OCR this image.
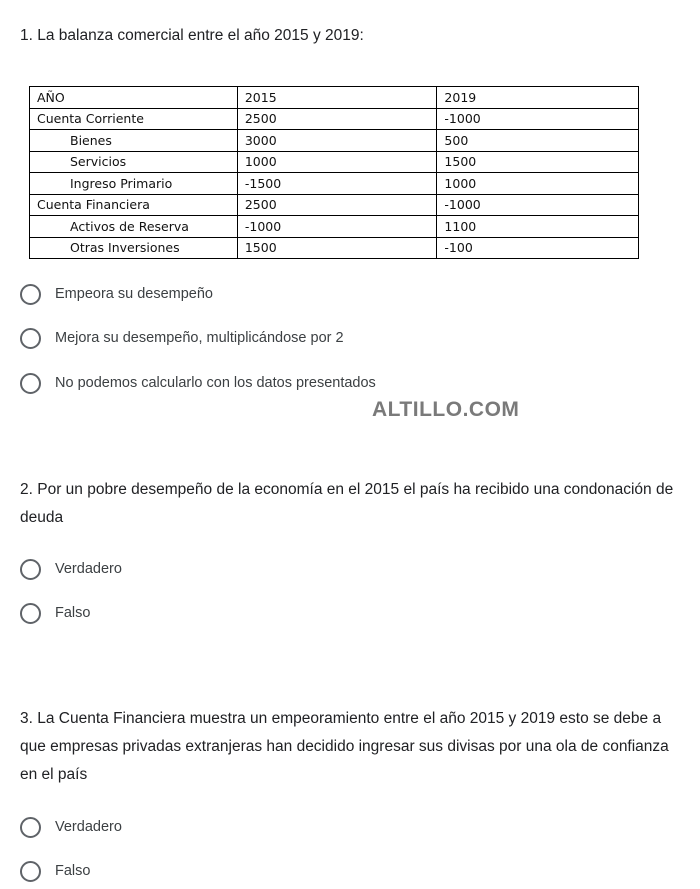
1. La balanza comercial entre el año 2015 y 2019:
AÑO	2015	2019
Cuenta Corriente	2500	-1000
Bienes	3000	500
Servicios	1000	1500
Ingreso Primario	-1500	1000
Cuenta Financiera	2500	-1000
Activos de Reserva	-1000	1100
Otras Inversiones	1500	-100
Empeora su desempeño
Mejora su desempeño, multiplicándose por 2
No podemos calcularlo con los datos presentados
ALTILLO.COM
2. Por un pobre desempeño de la economía en el 2015 el país ha recibido una condonación de deuda
Verdadero
Falso
3. La Cuenta Financiera muestra un empeoramiento entre el año 2015 y 2019 esto se debe a que empresas privadas extranjeras han decidido ingresar sus divisas por una ola de confianza en el país
Verdadero
Falso
